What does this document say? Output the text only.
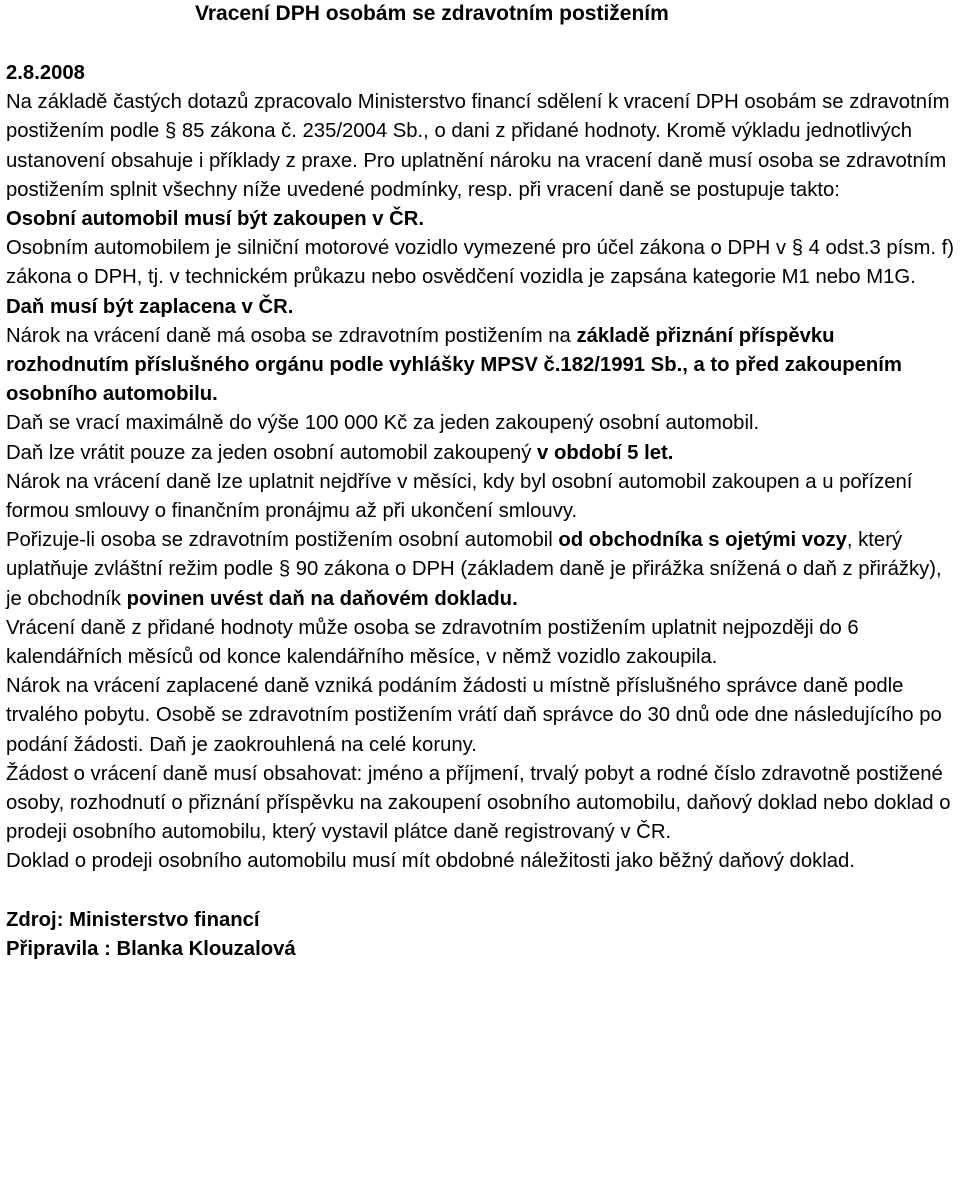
Vracení DPH osobám se zdravotním postižením

2.8.2008

Na základě častých dotazů zpracovalo Ministerstvo financí sdělení k vracení DPH osobám se zdravotním postižením podle § 85 zákona č. 235/2004 Sb., o dani z přidané hodnoty. Kromě výkladu jednotlivých ustanovení obsahuje i příklady z praxe. Pro uplatnění nároku na vracení daně musí osoba se zdravotním postižením splnit všechny níže uvedené podmínky, resp. při vracení daně se postupuje takto:

Osobní automobil musí být zakoupen v ČR.

Osobním automobilem je silniční motorové vozidlo vymezené pro účel zákona o DPH v § 4 odst.3 písm. f) zákona o DPH, tj. v technickém průkazu nebo osvědčení vozidla je zapsána kategorie M1 nebo M1G.

Daň musí být zaplacena v ČR.

Nárok na vrácení daně má osoba se zdravotním postižením na základě přiznání příspěvku rozhodnutím příslušného orgánu podle vyhlášky MPSV č.182/1991 Sb., a to před zakoupením osobního automobilu.

Daň se vrací maximálně do výše 100 000 Kč za jeden zakoupený osobní automobil.

Daň lze vrátit pouze za jeden osobní automobil zakoupený v období 5 let.

Nárok na vrácení daně lze uplatnit nejdříve v měsíci, kdy byl osobní automobil zakoupen a u pořízení formou smlouvy o finančním pronájmu až při ukončení smlouvy.

Pořizuje-li osoba se zdravotním postižením osobní automobil od obchodníka s ojetými vozy, který uplatňuje zvláštní režim podle § 90 zákona o DPH (základem daně je přirážka snížená o daň z přirážky), je obchodník povinen uvést daň na daňovém dokladu.

Vrácení daně z přidané hodnoty může osoba se zdravotním postižením uplatnit nejpozději do 6 kalendářních měsíců od konce kalendářního měsíce, v němž vozidlo zakoupila.

Nárok na vrácení zaplacené daně vzniká podáním žádosti u místně příslušného správce daně podle trvalého pobytu. Osobě se zdravotním postižením vrátí daň správce do 30 dnů ode dne následujícího po podání žádosti. Daň je zaokrouhlená na celé koruny.

Žádost o vrácení daně musí obsahovat: jméno a příjmení, trvalý pobyt a rodné číslo zdravotně postižené osoby, rozhodnutí o přiznání příspěvku na zakoupení osobního automobilu, daňový doklad nebo doklad o prodeji osobního automobilu, který vystavil plátce daně registrovaný v ČR.

Doklad o prodeji osobního automobilu musí mít obdobné náležitosti jako běžný daňový doklad.

Zdroj: Ministerstvo financí

Připravila : Blanka Klouzalová
